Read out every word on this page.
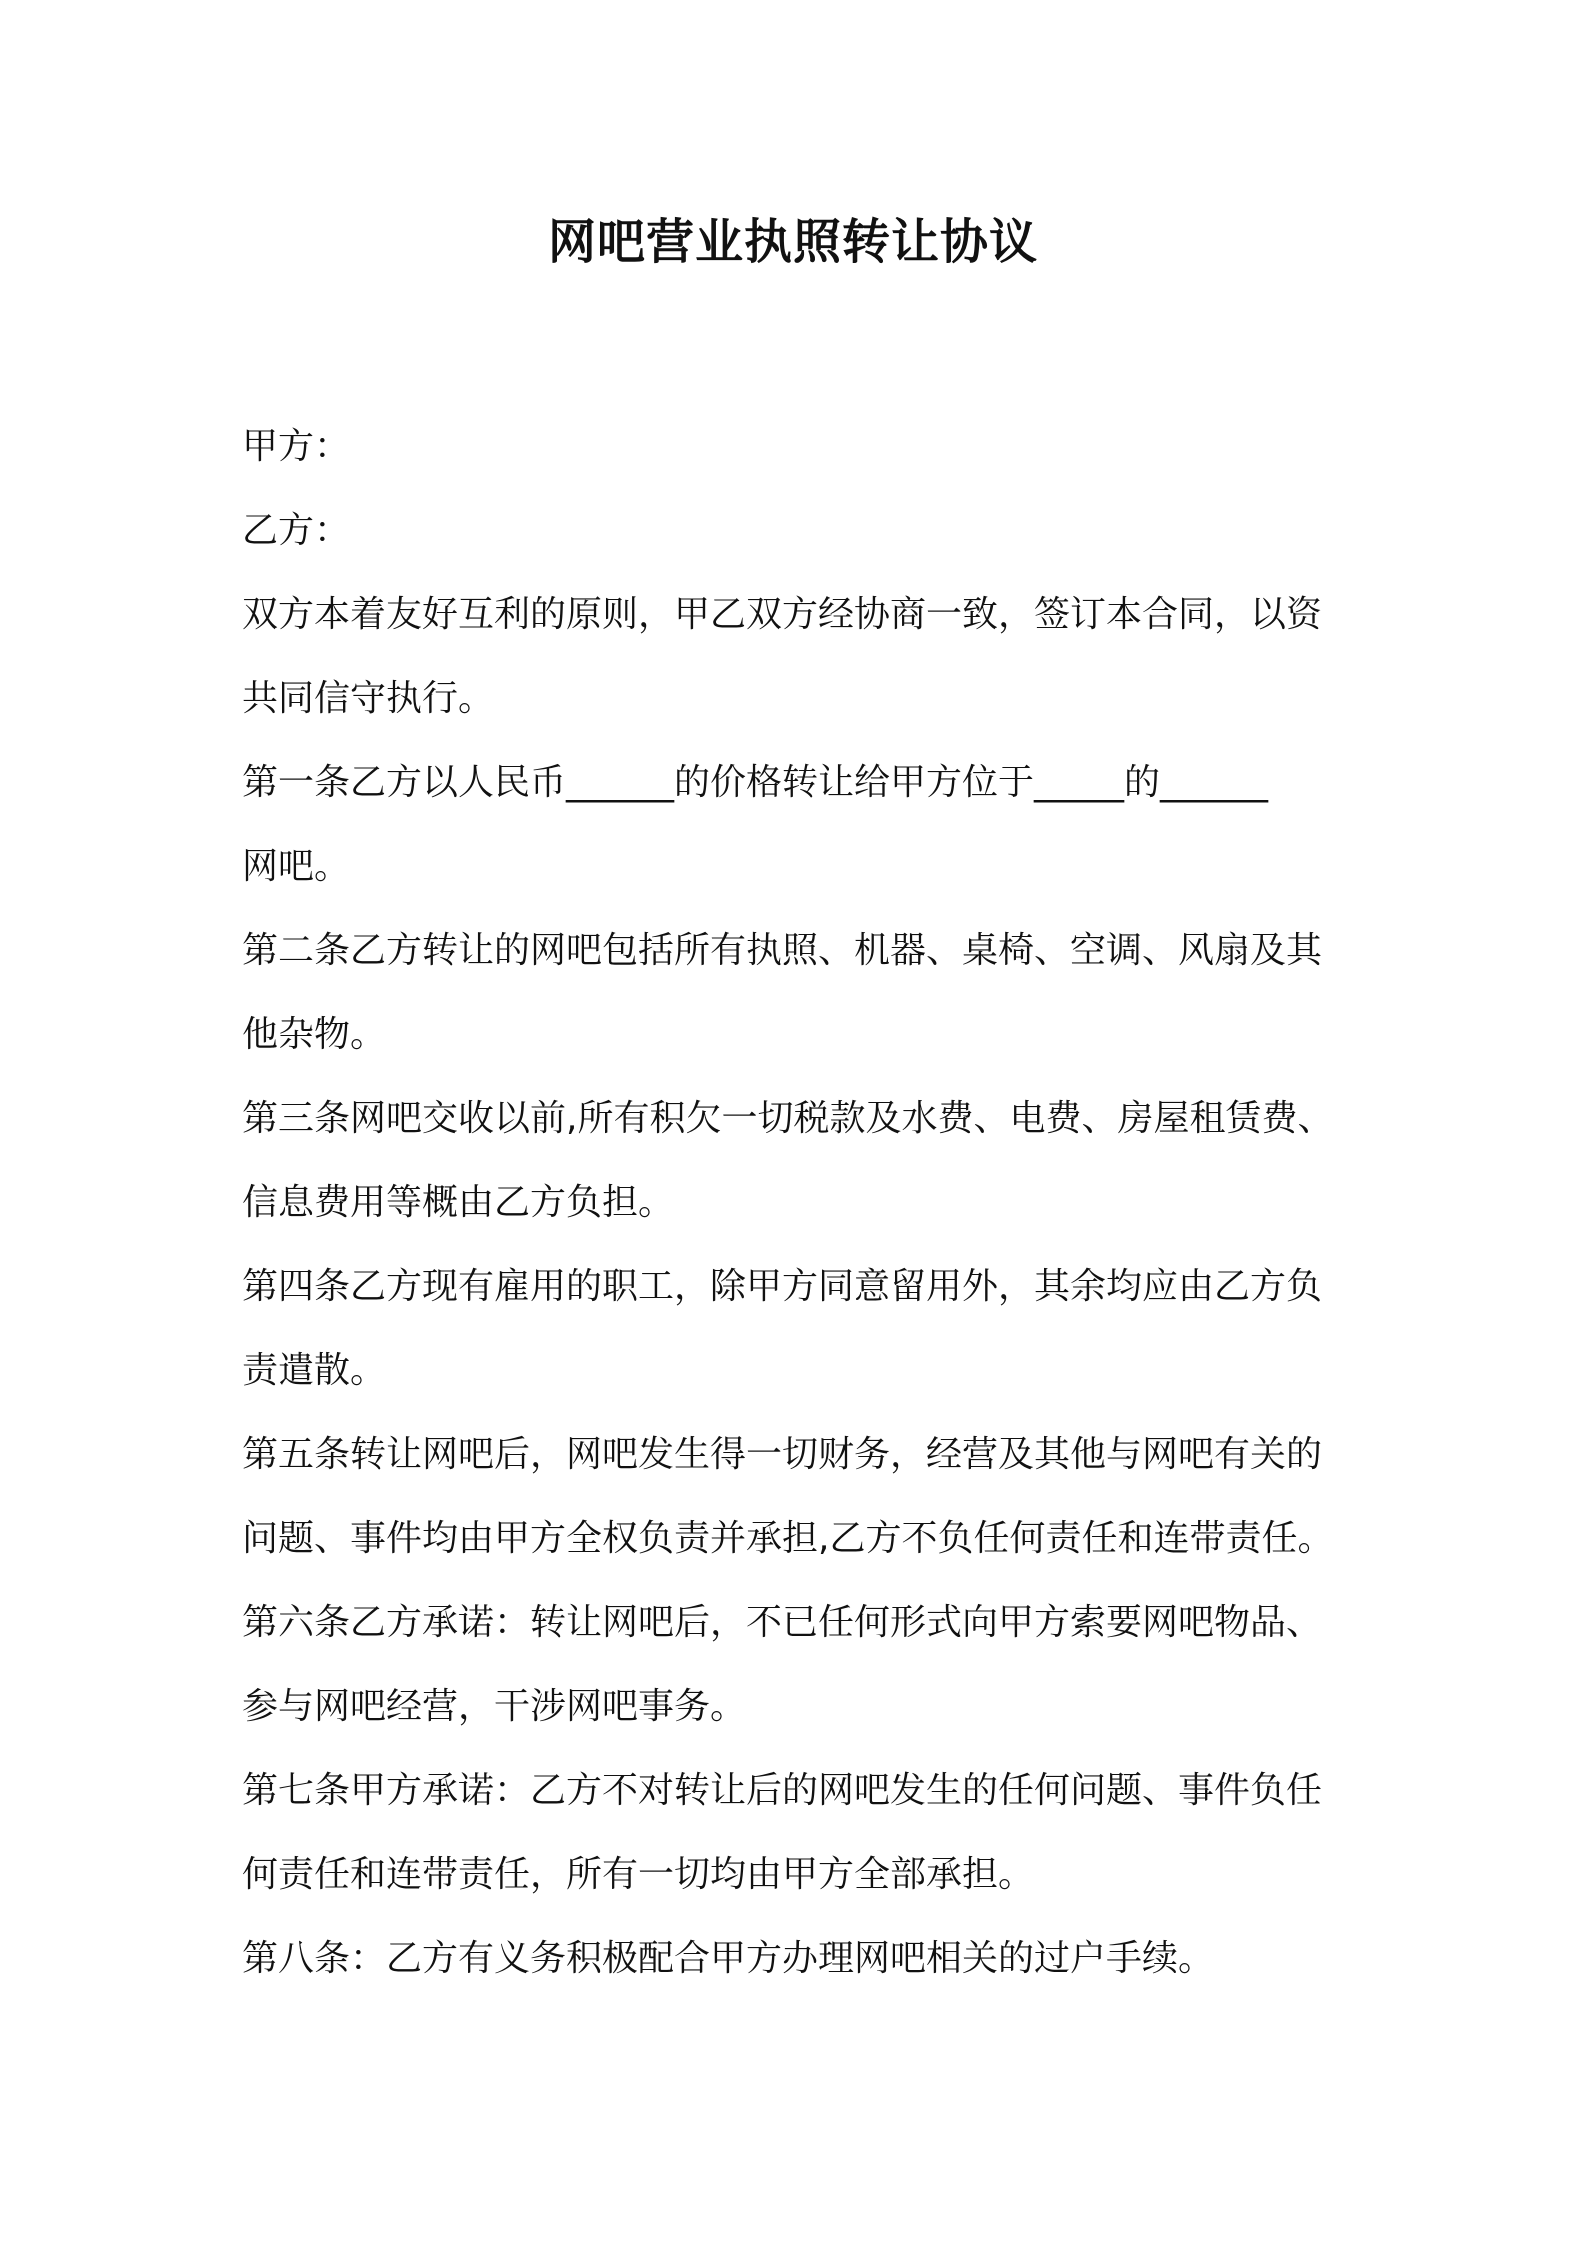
网吧营业执照转让协议
甲方：
乙方：
双方本着友好互利的原则，甲乙双方经协商一致，签订本合同，以资
共同信守执行。
第一条乙方以人民币______的价格转让给甲方位于_____的______
网吧。
第二条乙方转让的网吧包括所有执照、机器、桌椅、空调、风扇及其
他杂物。
第三条网吧交收以前,所有积欠一切税款及水费、电费、房屋租赁费、
信息费用等概由乙方负担。
第四条乙方现有雇用的职工，除甲方同意留用外，其余均应由乙方负
责遣散。
第五条转让网吧后，网吧发生得一切财务，经营及其他与网吧有关的
问题、事件均由甲方全权负责并承担,乙方不负任何责任和连带责任。
第六条乙方承诺：转让网吧后，不已任何形式向甲方索要网吧物品、
参与网吧经营，干涉网吧事务。
第七条甲方承诺：乙方不对转让后的网吧发生的任何问题、事件负任
何责任和连带责任，所有一切均由甲方全部承担。
第八条：乙方有义务积极配合甲方办理网吧相关的过户手续。
